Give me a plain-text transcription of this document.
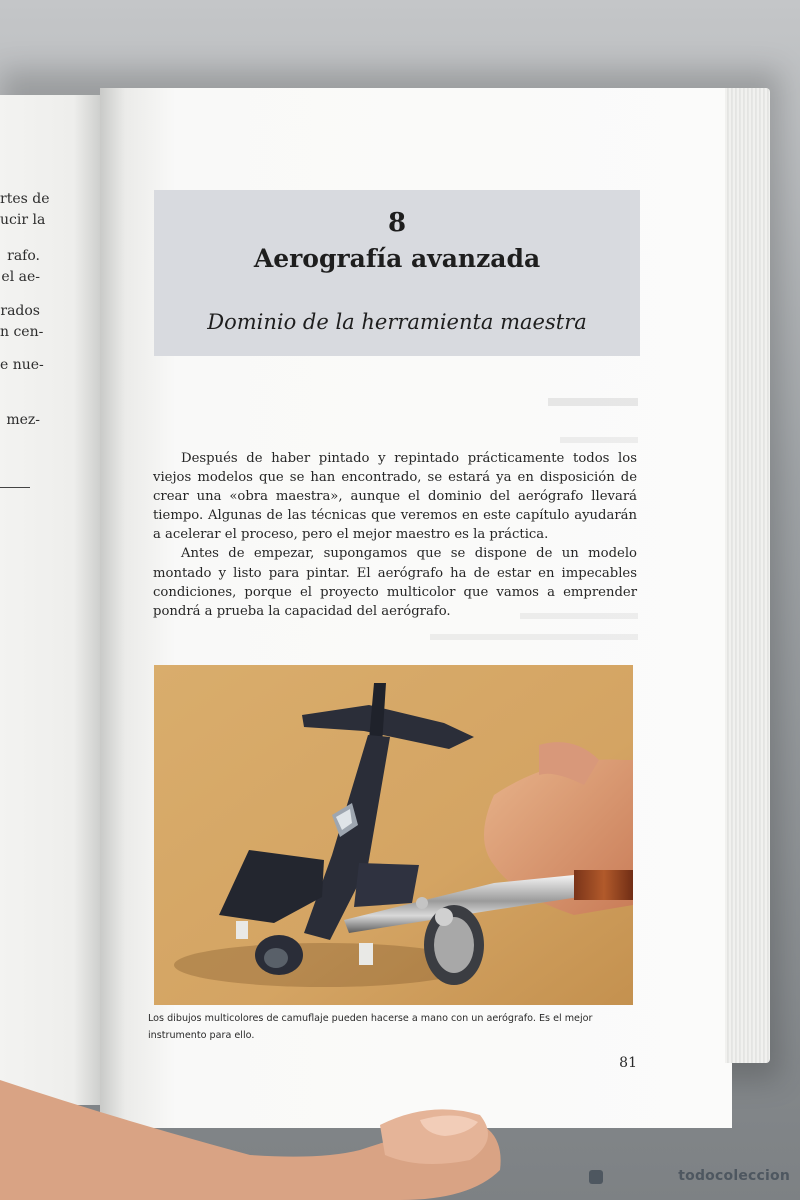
rtes de
ucir la
rafo.
el ae-
rados
n cen-
e nue-
mez-
8
Aerografía avanzada
Dominio de la herramienta maestra

Después de haber pintado y repintado prácticamente todos los viejos modelos que se han encontrado, se estará ya en disposición de crear una «obra maestra», aunque el dominio del aerógrafo llevará tiempo. Algunas de las técnicas que veremos en este capítulo ayudarán a acelerar el proceso, pero el mejor maestro es la práctica.

Antes de empezar, supongamos que se dispone de un modelo montado y listo para pintar. El aerógrafo ha de estar en impecables condiciones, porque el proyecto multicolor que vamos a emprender pondrá a prueba la capacidad del aerógrafo.

Los dibujos multicolores de camuflaje pueden hacerse a mano con un aerógrafo. Es el mejor instrumento para ello.
81
todocoleccion
